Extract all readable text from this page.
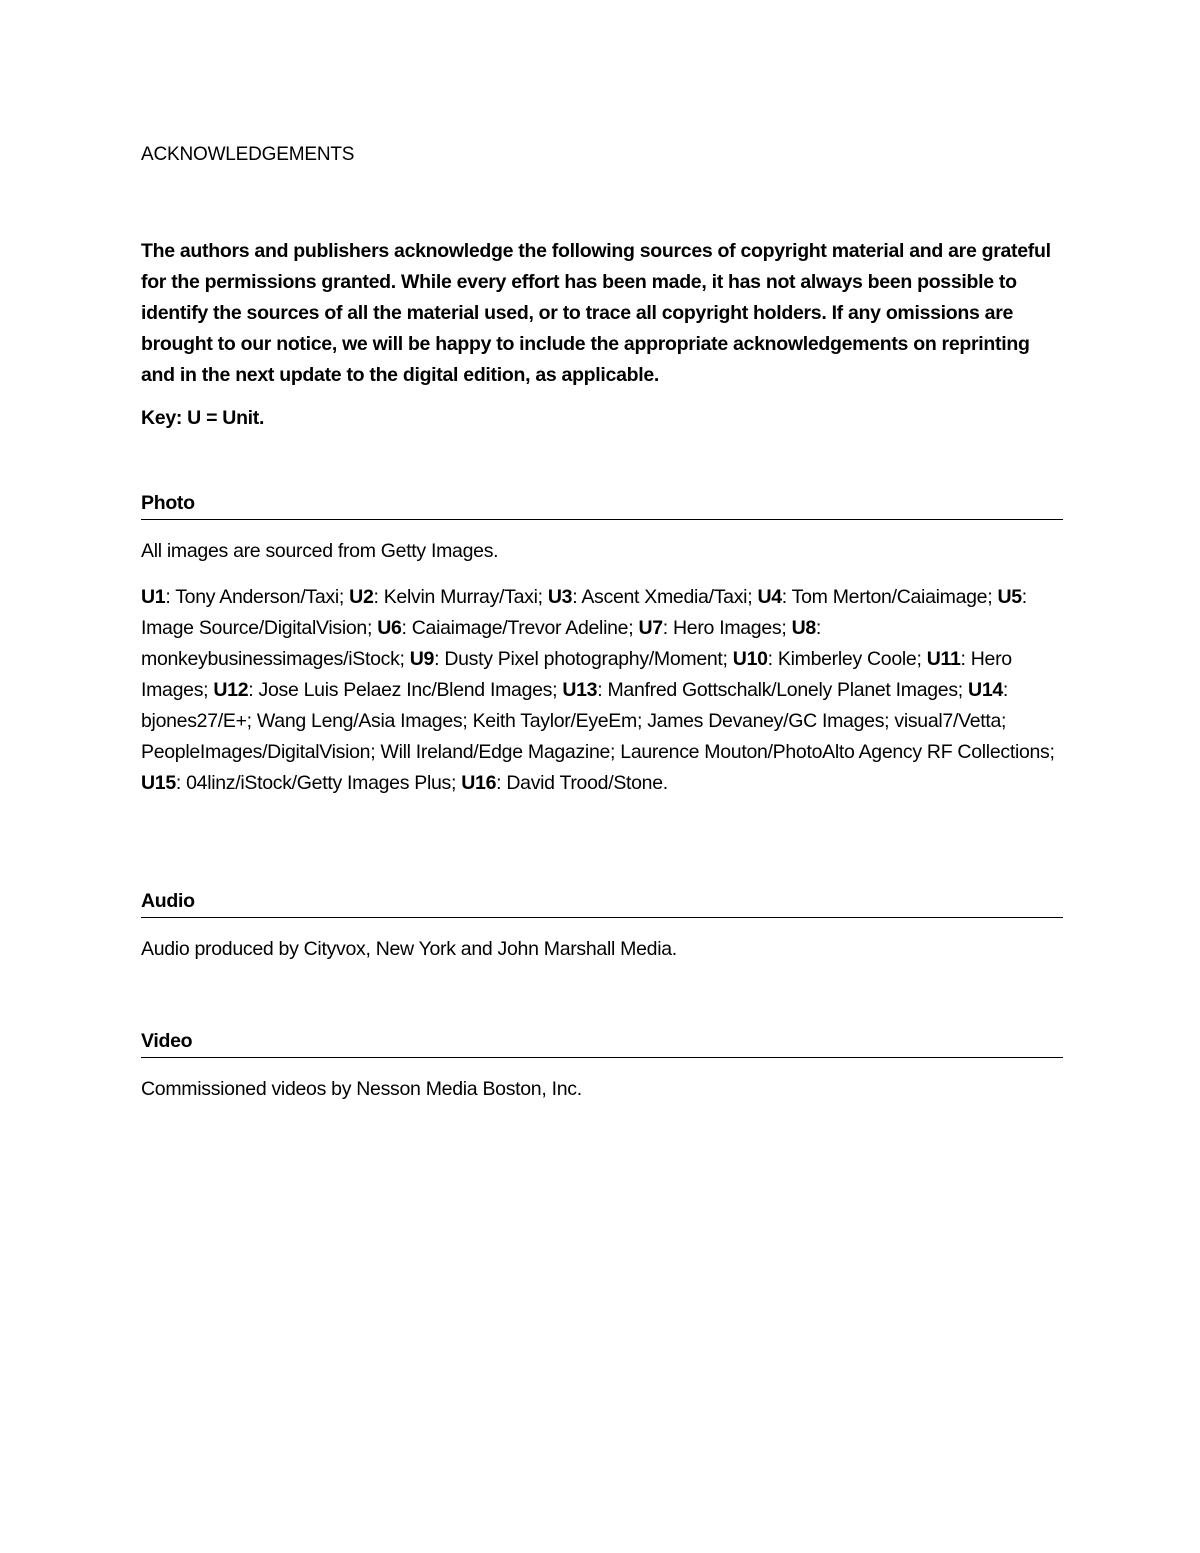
ACKNOWLEDGEMENTS

The authors and publishers acknowledge the following sources of copyright material and are grateful for the permissions granted. While every effort has been made, it has not always been possible to identify the sources of all the material used, or to trace all copyright holders. If any omissions are brought to our notice, we will be happy to include the appropriate acknowledgements on reprinting and in the next update to the digital edition, as applicable.

Key: U = Unit.

Photo

All images are sourced from Getty Images.

U1: Tony Anderson/Taxi; U2: Kelvin Murray/Taxi; U3: Ascent Xmedia/Taxi; U4: Tom Merton/Caiaimage; U5: Image Source/DigitalVision; U6: Caiaimage/Trevor Adeline; U7: Hero Images; U8: monkeybusinessimages/iStock; U9: Dusty Pixel photography/Moment; U10: Kimberley Coole; U11: Hero Images; U12: Jose Luis Pelaez Inc/Blend Images; U13: Manfred Gottschalk/Lonely Planet Images; U14: bjones27/E+; Wang Leng/Asia Images; Keith Taylor/EyeEm; James Devaney/GC Images; visual7/Vetta; PeopleImages/DigitalVision; Will Ireland/Edge Magazine; Laurence Mouton/PhotoAlto Agency RF Collections; U15: 04linz/iStock/Getty Images Plus; U16: David Trood/Stone.

Audio

Audio produced by Cityvox, New York and John Marshall Media.

Video

Commissioned videos by Nesson Media Boston, Inc.
